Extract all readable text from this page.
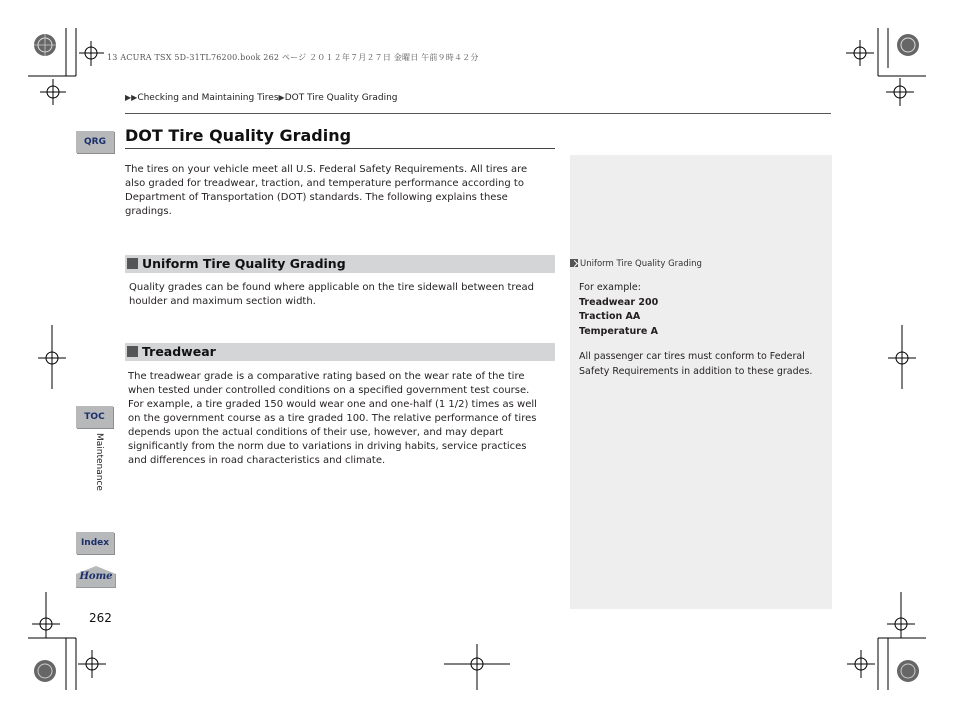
13 ACURA TSX 5D-31TL76200.book 262 ページ ２０１２年７月２７日 金曜日 午前９時４２分
▶▶Checking and Maintaining Tires▶DOT Tire Quality Grading
DOT Tire Quality Grading
The tires on your vehicle meet all U.S. Federal Safety Requirements. All tires are also graded for treadwear, traction, and temperature performance according to Department of Transportation (DOT) standards. The following explains these gradings.
Uniform Tire Quality Grading
Quality grades can be found where applicable on the tire sidewall between tread houlder and maximum section width.
Treadwear
The treadwear grade is a comparative rating based on the wear rate of the tire when tested under controlled conditions on a specified government test course. For example, a tire graded 150 would wear one and one-half (1 1/2) times as well on the government course as a tire graded 100. The relative performance of tires depends upon the actual conditions of their use, however, and may depart significantly from the norm due to variations in driving habits, service practices and differences in road characteristics and climate.
Uniform Tire Quality Grading
For example:
Treadwear 200
Traction AA
Temperature A
All passenger car tires must conform to Federal Safety Requirements in addition to these grades.
QRG
TOC
Maintenance
Index
Home
262
